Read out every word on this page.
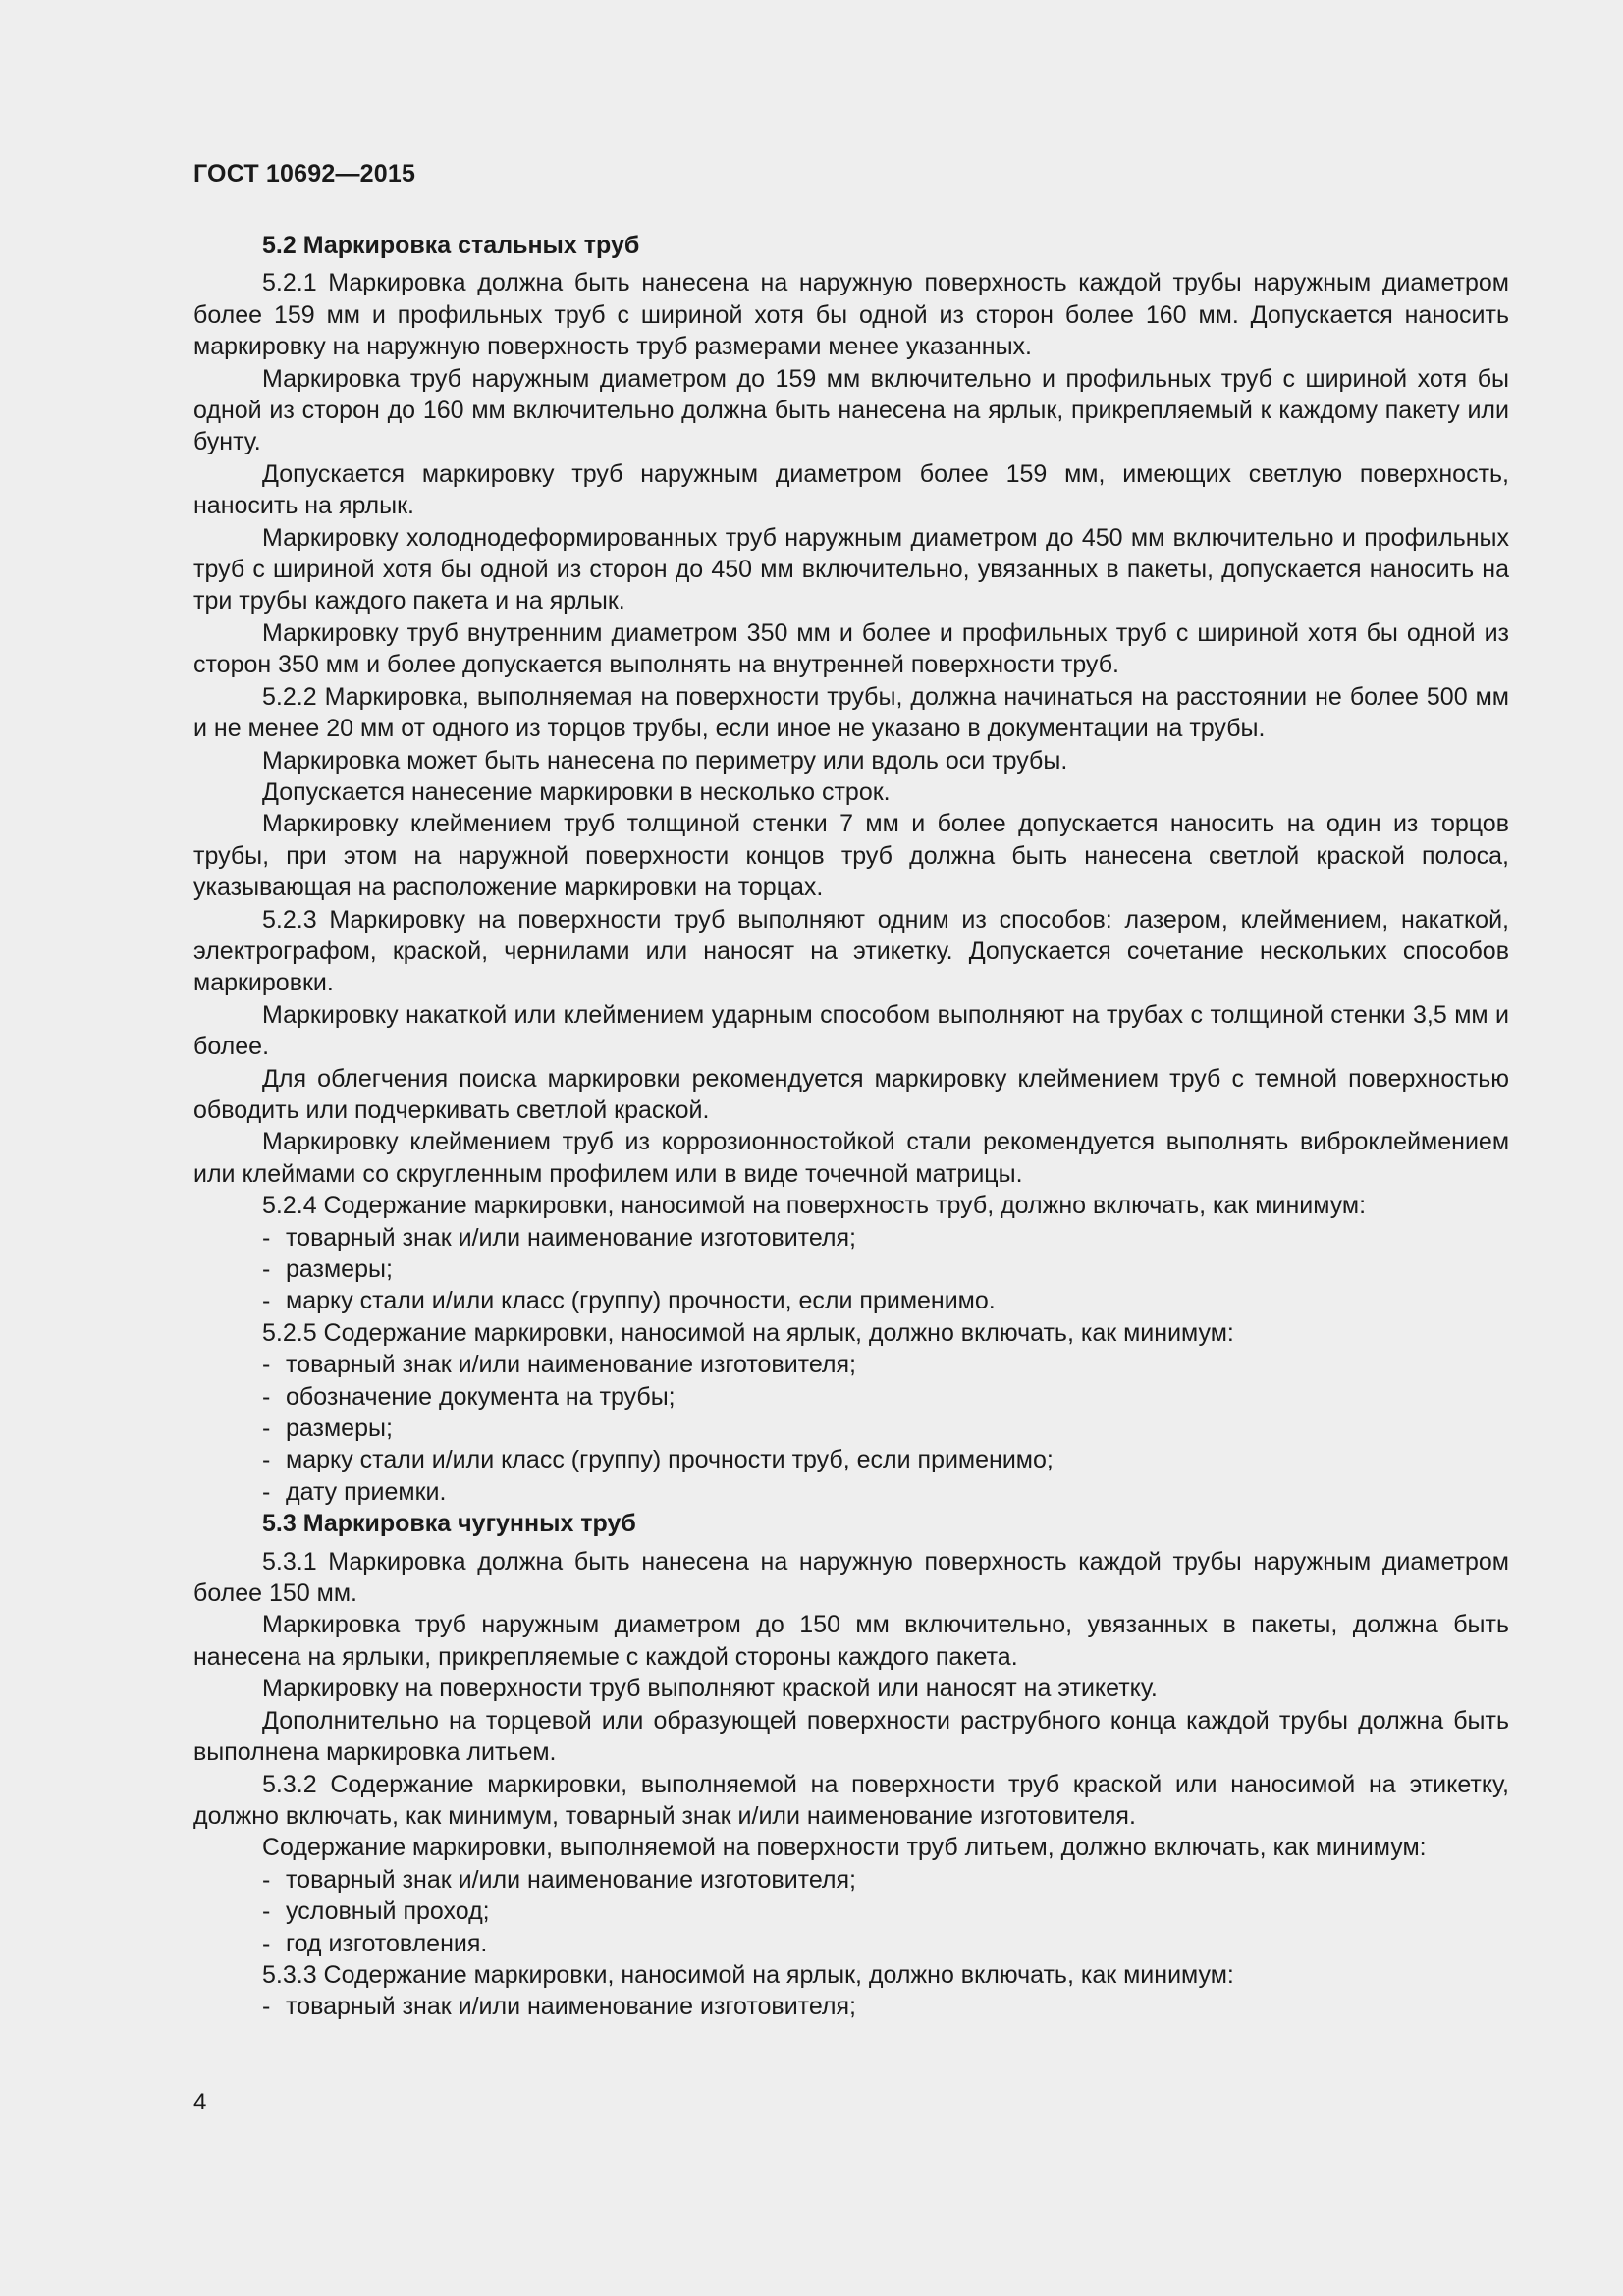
ГОСТ 10692—2015

5.2 Маркировка стальных труб

5.2.1 Маркировка должна быть нанесена на наружную поверхность каждой трубы наружным диаметром более 159 мм и профильных труб с шириной хотя бы одной из сторон более 160 мм. Допускается наносить маркировку на наружную поверхность труб размерами менее указанных.

Маркировка труб наружным диаметром до 159 мм включительно и профильных труб с шириной хотя бы одной из сторон до 160 мм включительно должна быть нанесена на ярлык, прикрепляемый к каждому пакету или бунту.

Допускается маркировку труб наружным диаметром более 159 мм, имеющих светлую поверхность, наносить на ярлык.

Маркировку холоднодеформированных труб наружным диаметром до 450 мм включительно и профильных труб с шириной хотя бы одной из сторон до 450 мм включительно, увязанных в пакеты, допускается наносить на три трубы каждого пакета и на ярлык.

Маркировку труб внутренним диаметром 350 мм и более и профильных труб с шириной хотя бы одной из сторон 350 мм и более допускается выполнять на внутренней поверхности труб.

5.2.2 Маркировка, выполняемая на поверхности трубы, должна начинаться на расстоянии не более 500 мм и не менее 20 мм от одного из торцов трубы, если иное не указано в документации на трубы.

Маркировка может быть нанесена по периметру или вдоль оси трубы.

Допускается нанесение маркировки в несколько строк.

Маркировку клеймением труб толщиной стенки 7 мм и более допускается наносить на один из торцов трубы, при этом на наружной поверхности концов труб должна быть нанесена светлой краской полоса, указывающая на расположение маркировки на торцах.

5.2.3 Маркировку на поверхности труб выполняют одним из способов: лазером, клеймением, накаткой, электрографом, краской, чернилами или наносят на этикетку. Допускается сочетание нескольких способов маркировки.

Маркировку накаткой или клеймением ударным способом выполняют на трубах с толщиной стенки 3,5 мм и более.

Для облегчения поиска маркировки рекомендуется маркировку клеймением труб с темной поверхностью обводить или подчеркивать светлой краской.

Маркировку клеймением труб из коррозионностойкой стали рекомендуется выполнять виброклеймением или клеймами со скругленным профилем или в виде точечной матрицы.

5.2.4 Содержание маркировки, наносимой на поверхность труб, должно включать, как минимум:

- товарный знак и/или наименование изготовителя;

- размеры;

- марку стали и/или класс (группу) прочности, если применимо.

5.2.5 Содержание маркировки, наносимой на ярлык, должно включать, как минимум:

- товарный знак и/или наименование изготовителя;

- обозначение документа на трубы;

- размеры;

- марку стали и/или класс (группу) прочности труб, если применимо;

- дату приемки.

5.3 Маркировка чугунных труб

5.3.1 Маркировка должна быть нанесена на наружную поверхность каждой трубы наружным диаметром более 150 мм.

Маркировка труб наружным диаметром до 150 мм включительно, увязанных в пакеты, должна быть нанесена на ярлыки, прикрепляемые с каждой стороны каждого пакета.

Маркировку на поверхности труб выполняют краской или наносят на этикетку.

Дополнительно на торцевой или образующей поверхности раструбного конца каждой трубы должна быть выполнена маркировка литьем.

5.3.2 Содержание маркировки, выполняемой на поверхности труб краской или наносимой на этикетку, должно включать, как минимум, товарный знак и/или наименование изготовителя.

Содержание маркировки, выполняемой на поверхности труб литьем, должно включать, как минимум:

- товарный знак и/или наименование изготовителя;

- условный проход;

- год изготовления.

5.3.3 Содержание маркировки, наносимой на ярлык, должно включать, как минимум:

- товарный знак и/или наименование изготовителя;

4
